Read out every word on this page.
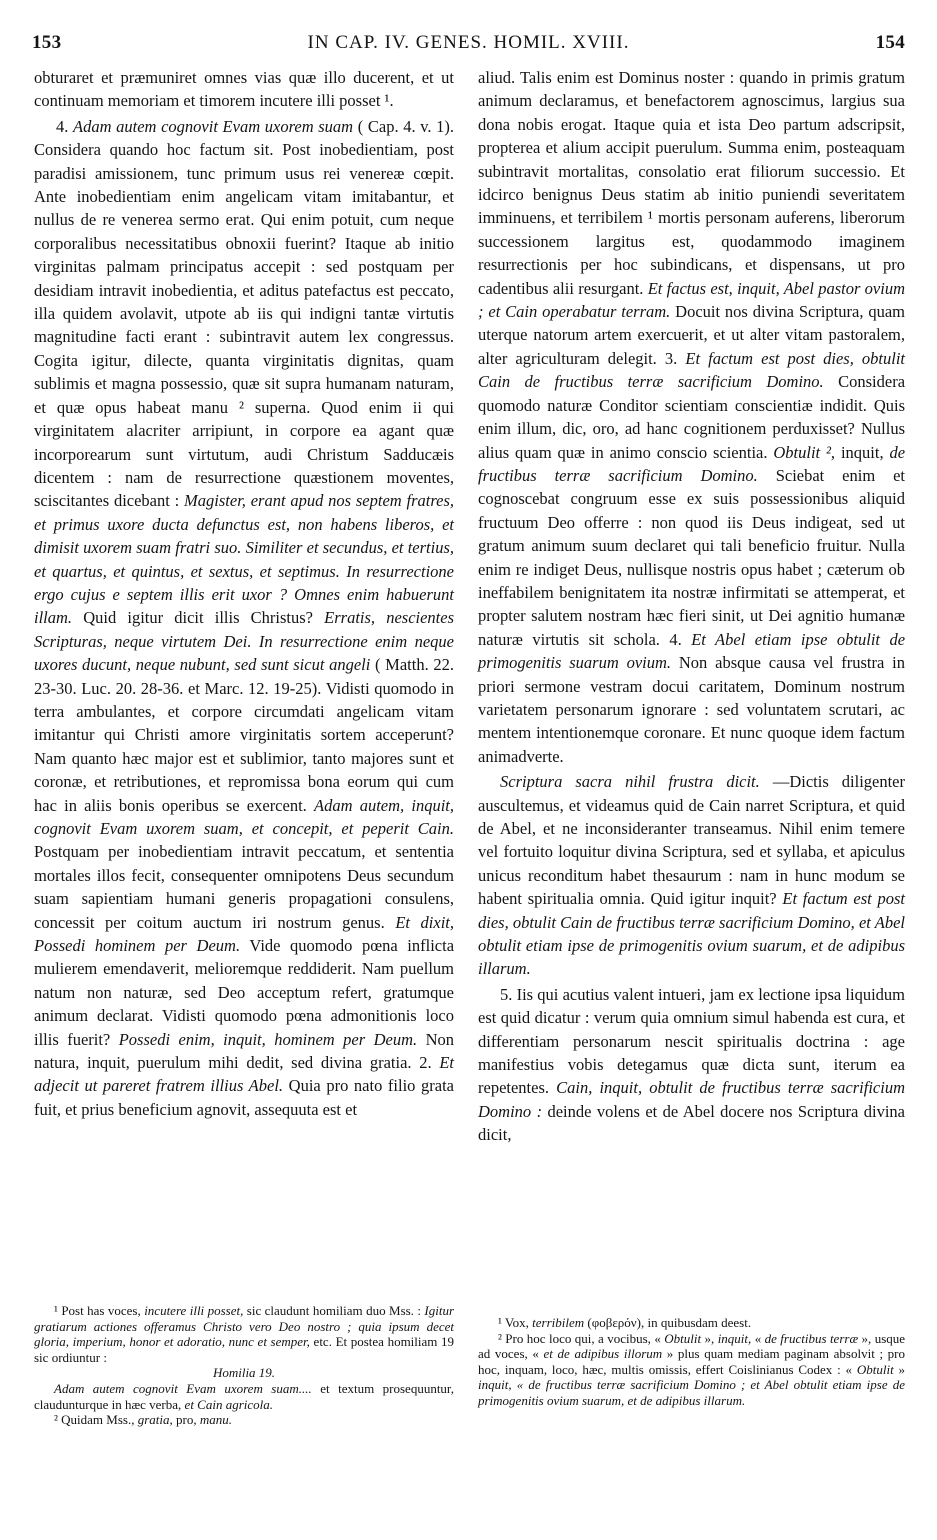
153	IN CAP. IV. GENES. HOMIL. XVIII.	154

obturaret et præmuniret omnes vias quæ illo ducerent, et ut continuam memoriam et timorem incutere illi posset ¹.

4. Adam autem cognovit Evam uxorem suam ( Cap. 4. v. 1). Considera quando hoc factum sit. Post inobedientiam, post paradisi amissionem, tunc primum usus rei venereæ cœpit. Ante inobedientiam enim angelicam vitam imitabantur, et nullus de re venerea sermo erat. Qui enim potuit, cum neque corporalibus necessitatibus obnoxii fuerint? Itaque ab initio virginitas palmam principatus accepit : sed postquam per desidiam intravit inobedientia, et aditus patefactus est peccato, illa quidem avolavit, utpote ab iis qui indigni tantæ virtutis magnitudine facti erant : subintravit autem lex congressus. Cogita igitur, dilecte, quanta virginitatis dignitas, quam sublimis et magna possessio, quæ sit supra humanam naturam, et quæ opus habeat manu ² superna. Quod enim ii qui virginitatem alacriter arripiunt, in corpore ea agant quæ incorporearum sunt virtutum, audi Christum Sadducæis dicentem : nam de resurrectione quæstionem moventes, sciscitantes dicebant : Magister, erant apud nos septem fratres, et primus uxore ducta defunctus est, non habens liberos, et dimisit uxorem suam fratri suo. Similiter et secundus, et tertius, et quartus, et quintus, et sextus, et septimus. In resurrectione ergo cujus e septem illis erit uxor ? Omnes enim habuerunt illam. Quid igitur dicit illis Christus? Erratis, nescientes Scripturas, neque virtutem Dei. In resurrectione enim neque uxores ducunt, neque nubunt, sed sunt sicut angeli ( Matth. 22. 23-30. Luc. 20. 28-36. et Marc. 12. 19-25). Vidisti quomodo in terra ambulantes, et corpore circumdati angelicam vitam imitantur qui Christi amore virginitatis sortem acceperunt? Nam quanto hæc major est et sublimior, tanto majores sunt et coronæ, et retributiones, et repromissa bona eorum qui cum hac in aliis bonis operibus se exercent. Adam autem, inquit, cognovit Evam uxorem suam, et concepit, et peperit Cain. Postquam per inobedientiam intravit peccatum, et sententia mortales illos fecit, consequenter omnipotens Deus secundum suam sapientiam humani generis propagationi consulens, concessit per coitum auctum iri nostrum genus. Et dixit, Possedi hominem per Deum. Vide quomodo pœna inflicta mulierem emendaverit, melioremque reddiderit. Nam puellum natum non naturæ, sed Deo acceptum refert, gratumque animum declarat. Vidisti quomodo pœna admonitionis loco illis fuerit? Possedi enim, inquit, hominem per Deum. Non natura, inquit, puerulum mihi dedit, sed divina gratia. 2. Et adjecit ut pareret fratrem illius Abel. Quia pro nato filio grata fuit, et prius beneficium agnovit, assequuta est et

aliud. Talis enim est Dominus noster : quando in primis gratum animum declaramus, et benefactorem agnoscimus, largius sua dona nobis erogat. Itaque quia et ista Deo partum adscripsit, propterea et alium accipit puerulum. Summa enim, posteaquam subintravit mortalitas, consolatio erat filiorum successio. Et idcirco benignus Deus statim ab initio puniendi severitatem imminuens, et terribilem ¹ mortis personam auferens, liberorum successionem largitus est, quodammodo imaginem resurrectionis per hoc subindicans, et dispensans, ut pro cadentibus alii resurgant. Et factus est, inquit, Abel pastor ovium ; et Cain operabatur terram. Docuit nos divina Scriptura, quam uterque natorum artem exercuerit, et ut alter vitam pastoralem, alter agriculturam delegit. 3. Et factum est post dies, obtulit Cain de fructibus terræ sacrificium Domino. Considera quomodo naturæ Conditor scientiam conscientiæ indidit. Quis enim illum, dic, oro, ad hanc cognitionem perduxisset? Nullus alius quam quæ in animo conscio scientia. Obtulit ², inquit, de fructibus terræ sacrificium Domino. Sciebat enim et cognoscebat congruum esse ex suis possessionibus aliquid fructuum Deo offerre : non quod iis Deus indigeat, sed ut gratum animum suum declaret qui tali beneficio fruitur. Nulla enim re indiget Deus, nullisque nostris opus habet ; cæterum ob ineffabilem benignitatem ita nostræ infirmitati se attemperat, et propter salutem nostram hæc fieri sinit, ut Dei agnitio humanæ naturæ virtutis sit schola. 4. Et Abel etiam ipse obtulit de primogenitis suarum ovium. Non absque causa vel frustra in priori sermone vestram docui caritatem, Dominum nostrum varietatem personarum ignorare : sed voluntatem scrutari, ac mentem intentionemque coronare. Et nunc quoque idem factum animadverte.

Scriptura sacra nihil frustra dicit. —Dictis diligenter auscultemus, et videamus quid de Cain narret Scriptura, et quid de Abel, et ne inconsideranter transeamus. Nihil enim temere vel fortuito loquitur divina Scriptura, sed et syllaba, et apiculus unicus reconditum habet thesaurum : nam in hunc modum se habent spiritualia omnia. Quid igitur inquit? Et factum est post dies, obtulit Cain de fructibus terræ sacrificium Domino, et Abel obtulit etiam ipse de primogenitis ovium suarum, et de adipibus illarum.

5. Iis qui acutius valent intueri, jam ex lectione ipsa liquidum est quid dicatur : verum quia omnium simul habenda est cura, et differentiam personarum nescit spiritualis doctrina : age manifestius vobis detegamus quæ dicta sunt, iterum ea repetentes. Cain, inquit, obtulit de fructibus terræ sacrificium Domino : deinde volens et de Abel docere nos Scriptura divina dicit,

¹ Post has voces, incutere illi posset, sic claudunt homiliam duo Mss. : Igitur gratiarum actiones offeramus Christo vero Deo nostro ; quia ipsum decet gloria, imperium, honor et adoratio, nunc et semper, etc. Et postea homiliam 19 sic ordiuntur :

Homilia 19.

Adam autem cognovit Evam uxorem suam.... et textum prosequuntur, claudunturque in hæc verba, et Cain agricola.

² Quidam Mss., gratia, pro, manu.

¹ Vox, terribilem (φοβερόν), in quibusdam deest.

² Pro hoc loco qui, a vocibus, « Obtulit », inquit, « de fructibus terræ », usque ad voces, « et de adipibus illorum » plus quam mediam paginam absolvit ; pro hoc, inquam, loco, hæc, multis omissis, effert Coislinianus Codex : « Obtulit » inquit, « de fructibus terræ sacrificium Domino ; et Abel obtulit etiam ipse de primogenitis ovium suarum, et de adipibus illarum.
